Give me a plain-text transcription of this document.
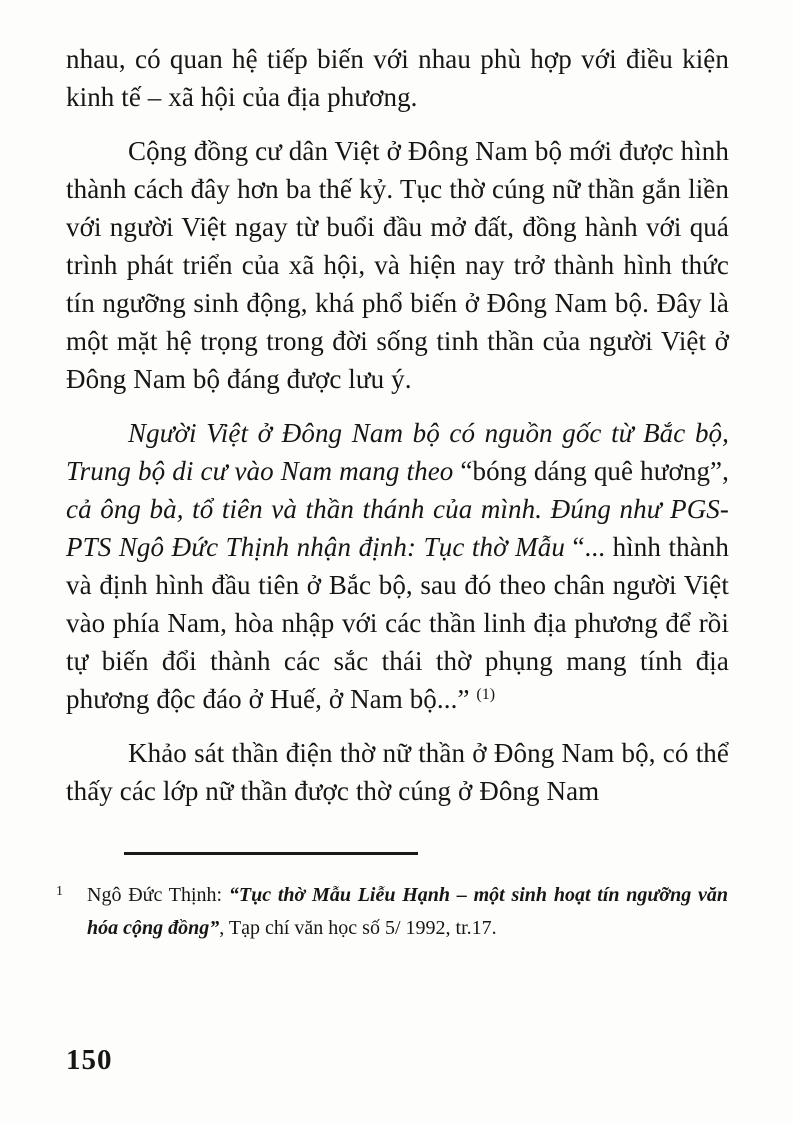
nhau, có quan hệ tiếp biến với nhau phù hợp với điều kiện kinh tế – xã hội của địa phương.

Cộng đồng cư dân Việt ở Đông Nam bộ mới được hình thành cách đây hơn ba thế kỷ. Tục thờ cúng nữ thần gắn liền với người Việt ngay từ buổi đầu mở đất, đồng hành với quá trình phát triển của xã hội, và hiện nay trở thành hình thức tín ngưỡng sinh động, khá phổ biến ở Đông Nam bộ. Đây là một mặt hệ trọng trong đời sống tinh thần của người Việt ở Đông Nam bộ đáng được lưu ý.

Người Việt ở Đông Nam bộ có nguồn gốc từ Bắc bộ, Trung bộ di cư vào Nam mang theo “bóng dáng quê hương”, cả ông bà, tổ tiên và thần thánh của mình. Đúng như PGS-PTS Ngô Đức Thịnh nhận định: Tục thờ Mẫu “... hình thành và định hình đầu tiên ở Bắc bộ, sau đó theo chân người Việt vào phía Nam, hòa nhập với các thần linh địa phương để rồi tự biến đổi thành các sắc thái thờ phụng mang tính địa phương độc đáo ở Huế, ở Nam bộ...” $^{(1)}$

Khảo sát thần điện thờ nữ thần ở Đông Nam bộ, có thể thấy các lớp nữ thần được thờ cúng ở Đông Nam

1	Ngô Đức Thịnh: “Tục thờ Mẫu Liễu Hạnh – một sinh hoạt tín ngưỡng văn hóa cộng đồng”, Tạp chí văn học số 5/ 1992, tr.17.
150
